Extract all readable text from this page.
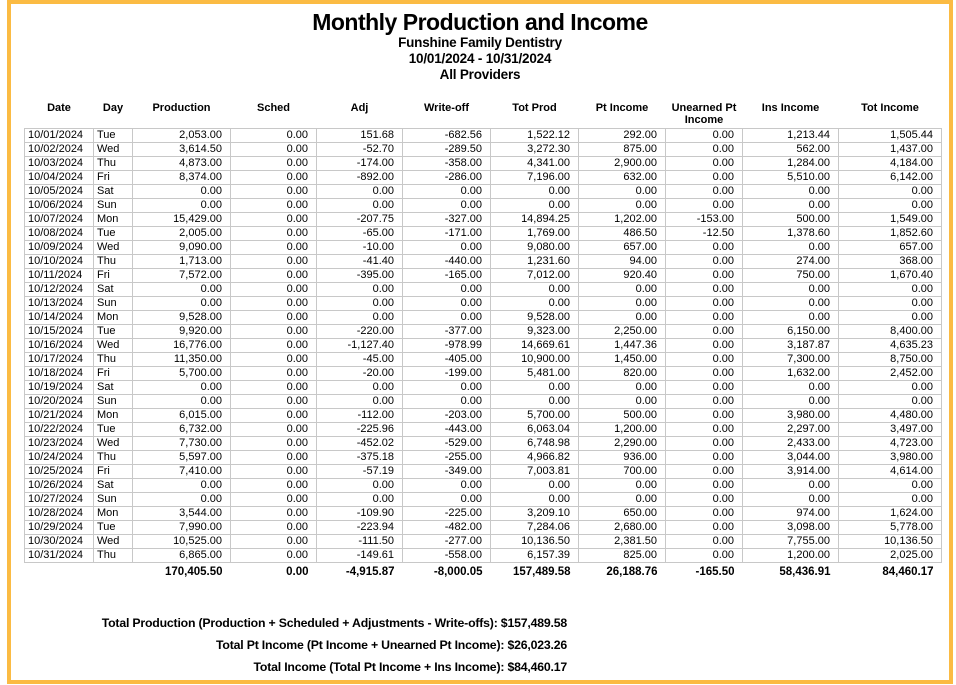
Monthly Production and Income
Funshine Family Dentistry
10/01/2024 - 10/31/2024
All Providers
Date	Day	Production	Sched	Adj	Write-off	Tot Prod	Pt Income	Unearned Pt Income	Ins Income	Tot Income
10/01/2024	Tue	2,053.00	0.00	151.68	-682.56	1,522.12	292.00	0.00	1,213.44	1,505.44
10/02/2024	Wed	3,614.50	0.00	-52.70	-289.50	3,272.30	875.00	0.00	562.00	1,437.00
10/03/2024	Thu	4,873.00	0.00	-174.00	-358.00	4,341.00	2,900.00	0.00	1,284.00	4,184.00
10/04/2024	Fri	8,374.00	0.00	-892.00	-286.00	7,196.00	632.00	0.00	5,510.00	6,142.00
10/05/2024	Sat	0.00	0.00	0.00	0.00	0.00	0.00	0.00	0.00	0.00
10/06/2024	Sun	0.00	0.00	0.00	0.00	0.00	0.00	0.00	0.00	0.00
10/07/2024	Mon	15,429.00	0.00	-207.75	-327.00	14,894.25	1,202.00	-153.00	500.00	1,549.00
10/08/2024	Tue	2,005.00	0.00	-65.00	-171.00	1,769.00	486.50	-12.50	1,378.60	1,852.60
10/09/2024	Wed	9,090.00	0.00	-10.00	0.00	9,080.00	657.00	0.00	0.00	657.00
10/10/2024	Thu	1,713.00	0.00	-41.40	-440.00	1,231.60	94.00	0.00	274.00	368.00
10/11/2024	Fri	7,572.00	0.00	-395.00	-165.00	7,012.00	920.40	0.00	750.00	1,670.40
10/12/2024	Sat	0.00	0.00	0.00	0.00	0.00	0.00	0.00	0.00	0.00
10/13/2024	Sun	0.00	0.00	0.00	0.00	0.00	0.00	0.00	0.00	0.00
10/14/2024	Mon	9,528.00	0.00	0.00	0.00	9,528.00	0.00	0.00	0.00	0.00
10/15/2024	Tue	9,920.00	0.00	-220.00	-377.00	9,323.00	2,250.00	0.00	6,150.00	8,400.00
10/16/2024	Wed	16,776.00	0.00	-1,127.40	-978.99	14,669.61	1,447.36	0.00	3,187.87	4,635.23
10/17/2024	Thu	11,350.00	0.00	-45.00	-405.00	10,900.00	1,450.00	0.00	7,300.00	8,750.00
10/18/2024	Fri	5,700.00	0.00	-20.00	-199.00	5,481.00	820.00	0.00	1,632.00	2,452.00
10/19/2024	Sat	0.00	0.00	0.00	0.00	0.00	0.00	0.00	0.00	0.00
10/20/2024	Sun	0.00	0.00	0.00	0.00	0.00	0.00	0.00	0.00	0.00
10/21/2024	Mon	6,015.00	0.00	-112.00	-203.00	5,700.00	500.00	0.00	3,980.00	4,480.00
10/22/2024	Tue	6,732.00	0.00	-225.96	-443.00	6,063.04	1,200.00	0.00	2,297.00	3,497.00
10/23/2024	Wed	7,730.00	0.00	-452.02	-529.00	6,748.98	2,290.00	0.00	2,433.00	4,723.00
10/24/2024	Thu	5,597.00	0.00	-375.18	-255.00	4,966.82	936.00	0.00	3,044.00	3,980.00
10/25/2024	Fri	7,410.00	0.00	-57.19	-349.00	7,003.81	700.00	0.00	3,914.00	4,614.00
10/26/2024	Sat	0.00	0.00	0.00	0.00	0.00	0.00	0.00	0.00	0.00
10/27/2024	Sun	0.00	0.00	0.00	0.00	0.00	0.00	0.00	0.00	0.00
10/28/2024	Mon	3,544.00	0.00	-109.90	-225.00	3,209.10	650.00	0.00	974.00	1,624.00
10/29/2024	Tue	7,990.00	0.00	-223.94	-482.00	7,284.06	2,680.00	0.00	3,098.00	5,778.00
10/30/2024	Wed	10,525.00	0.00	-111.50	-277.00	10,136.50	2,381.50	0.00	7,755.00	10,136.50
10/31/2024	Thu	6,865.00	0.00	-149.61	-558.00	6,157.39	825.00	0.00	1,200.00	2,025.00
		170,405.50	0.00	-4,915.87	-8,000.05	157,489.58	26,188.76	-165.50	58,436.91	84,460.17
Total Production (Production + Scheduled + Adjustments - Write-offs): $157,489.58
Total Pt Income (Pt Income + Unearned Pt Income): $26,023.26
Total Income (Total Pt Income + Ins Income): $84,460.17
